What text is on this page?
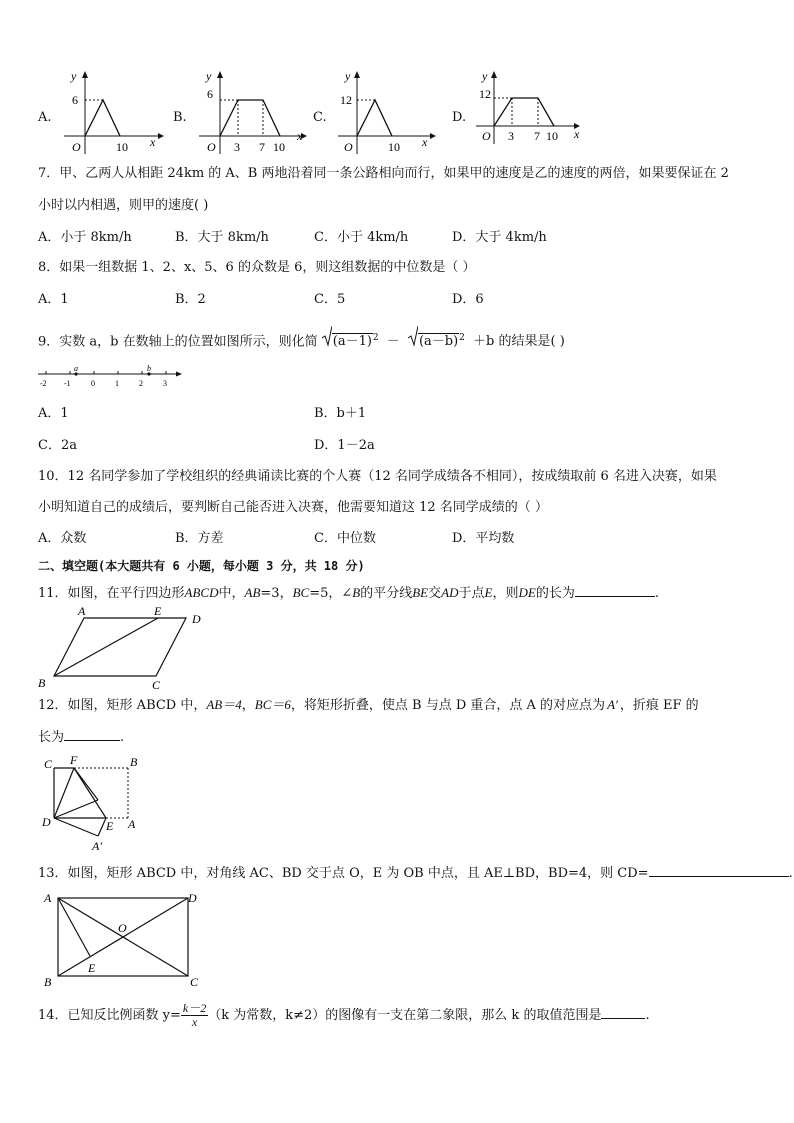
A.
y
x
6
O	10
B.
y
x
6
O 3 7 10
C.
y
x
12
O	10
D.
y
x
12
O 3 7 10
7．甲、乙两人从相距 24km 的 A、B 两地沿着同一条公路相向而行，如果甲的速度是乙的速度的两倍，如果要保证在 2
小时以内相遇，则甲的速度( )
A．小于 8km/h	B．大于 8km/h	C．小于 4km/h	D．大于 4km/h
8．如果一组数据 1、2、x、5、6 的众数是 6，则这组数据的中位数是（ ）
A．1	B．2	C．5	D．6
9．实数 a，b 在数轴上的位置如图所示，则化简 $(a-1)^2 - (a-b)^2 +b$ 的结果是( )
a	b
-2 -1	0	1	2	3
A．1	B．b＋1
C．2a	D．1－2a
10．12 名同学参加了学校组织的经典诵读比赛的个人赛（12 名同学成绩各不相同），按成绩取前 6 名进入决赛，如果
小明知道自己的成绩后，要判断自己能否进入决赛，他需要知道这 12 名同学成绩的（ ）
A．众数	B．方差	C．中位数	D．平均数
二、填空题(本大题共有 6 小题，每小题 3 分，共 18 分)
11．如图，在平行四边形ABCD中，AB=3，BC=5，∠B的平分线BE交AD于点E，则DE的长为	.
A	E
D
B	C
12．如图，矩形 ABCD 中，AB＝4，BC＝6，将矩形折叠，使点 B 与点 D 重合，点 A 的对应点为 A′ ，折痕 EF 的
长为	.
C F	B
D	E A
A′
13．如图，矩形 ABCD 中，对角线 AC、BD 交于点 O，E 为 OB 中点，且 AE⊥BD，BD=4，则 CD=	.
A	D
B	C
O
E
14．已知反比例函数 $y= \frac{k-2}{x} (k$ 为常数，k≠2）的图像有一支在第二象限，那么 k 的取值范围是	.
